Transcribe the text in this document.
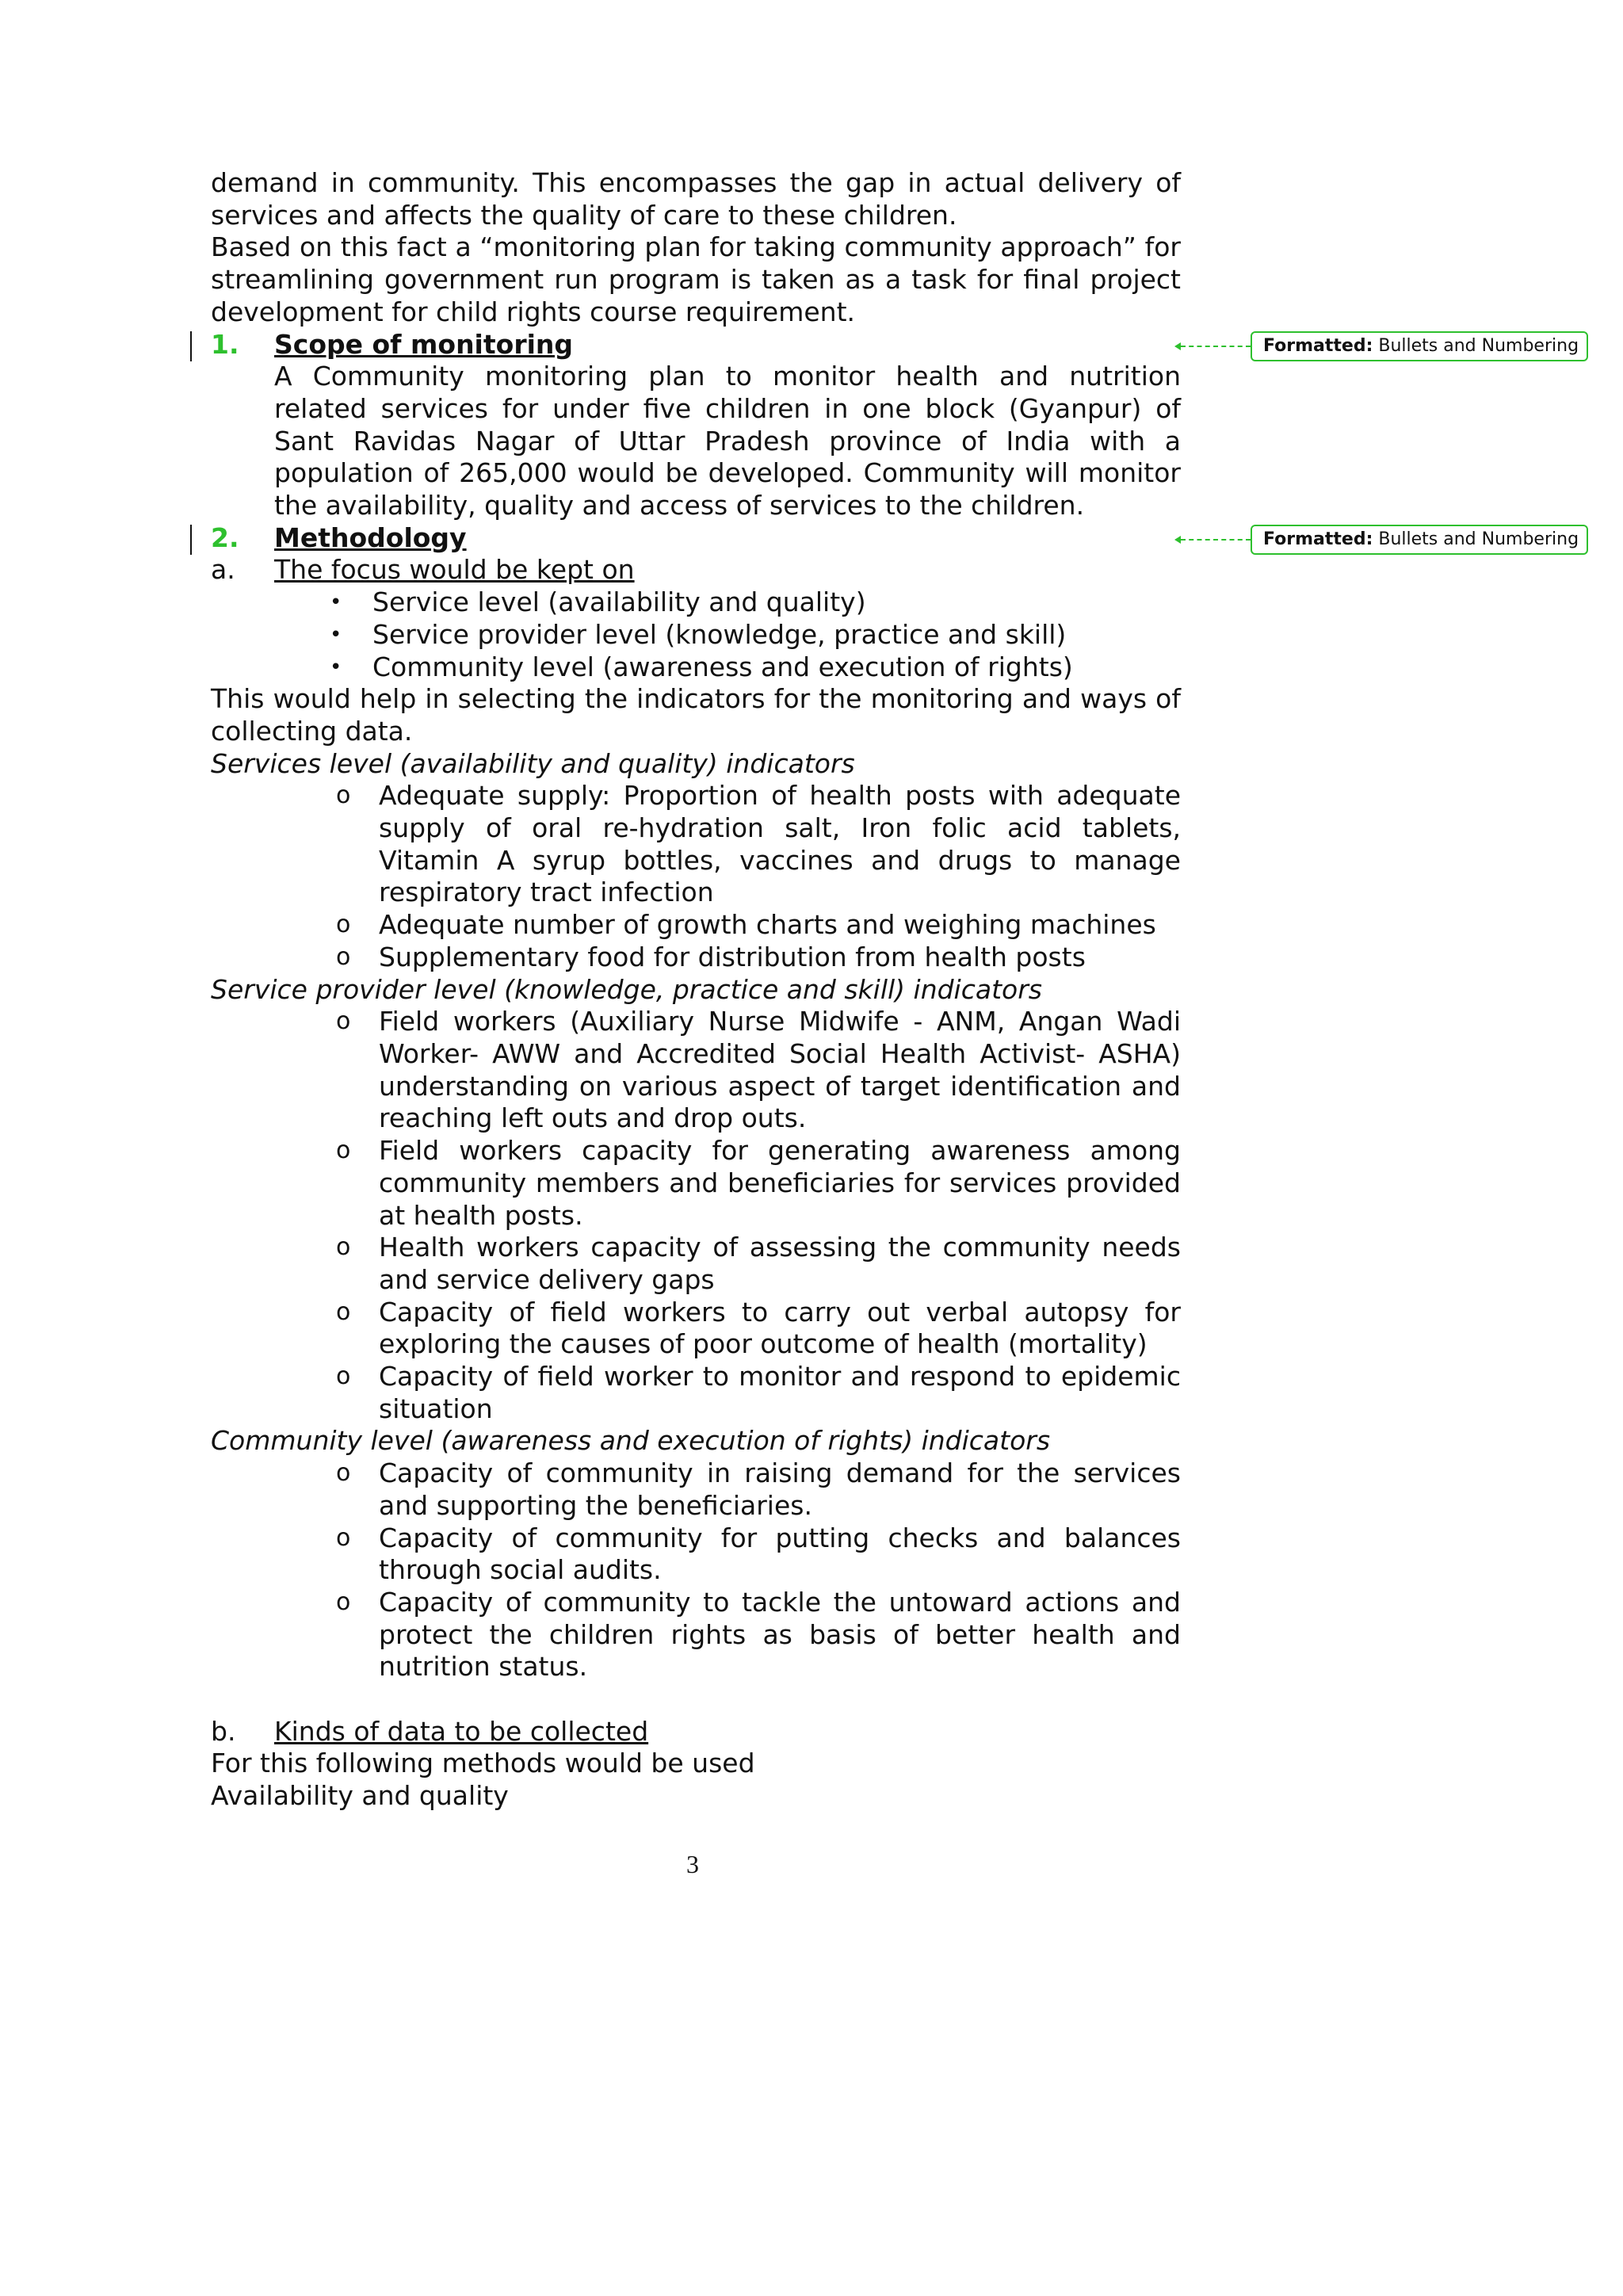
demand in community. This encompasses the gap in actual delivery of services and affects the quality of care to these children.
Based on this fact a “monitoring plan for taking community approach” for streamlining government run program is taken as a task for final project development for child rights course requirement.
1.	Scope of monitoring
A Community monitoring plan to monitor health and nutrition related services for under five children in one block (Gyanpur) of Sant Ravidas Nagar of Uttar Pradesh province of India with a population of 265,000 would be developed. Community will monitor the availability, quality and access of services to the children.
2.	Methodology
a.	The focus would be kept on
•	Service level (availability and quality)
•	Service provider level (knowledge, practice and skill)
•	Community level (awareness and execution of rights)
This would help in selecting the indicators for the monitoring and ways of collecting data.
Services level (availability and quality) indicators
o	Adequate supply: Proportion of health posts with adequate supply of oral re-hydration salt, Iron folic acid tablets, Vitamin A syrup bottles, vaccines and drugs to manage respiratory tract infection
o	Adequate number of growth charts and weighing machines
o	Supplementary food for distribution from health posts
Service provider level (knowledge, practice and skill) indicators
o	Field workers (Auxiliary Nurse Midwife - ANM, Angan Wadi Worker- AWW and Accredited Social Health Activist- ASHA) understanding on various aspect of target identification and reaching left outs and drop outs.
o	Field workers capacity for generating awareness among community members and beneficiaries for services provided at health posts.
o	Health workers capacity of assessing the community needs and service delivery gaps
o	Capacity of field workers to carry out verbal autopsy for exploring the causes of poor outcome of health (mortality)
o	Capacity of field worker to monitor and respond to epidemic situation
Community level (awareness and execution of rights) indicators
o	Capacity of community in raising demand for the services and supporting the beneficiaries.
o	Capacity of community for putting checks and balances through social audits.
o	Capacity of community to tackle the untoward actions and protect the children rights as basis of better health and nutrition status.
b.	Kinds of data to be collected
For this following methods would be used
Availability and quality
3
Formatted: Bullets and Numbering
Formatted: Bullets and Numbering
